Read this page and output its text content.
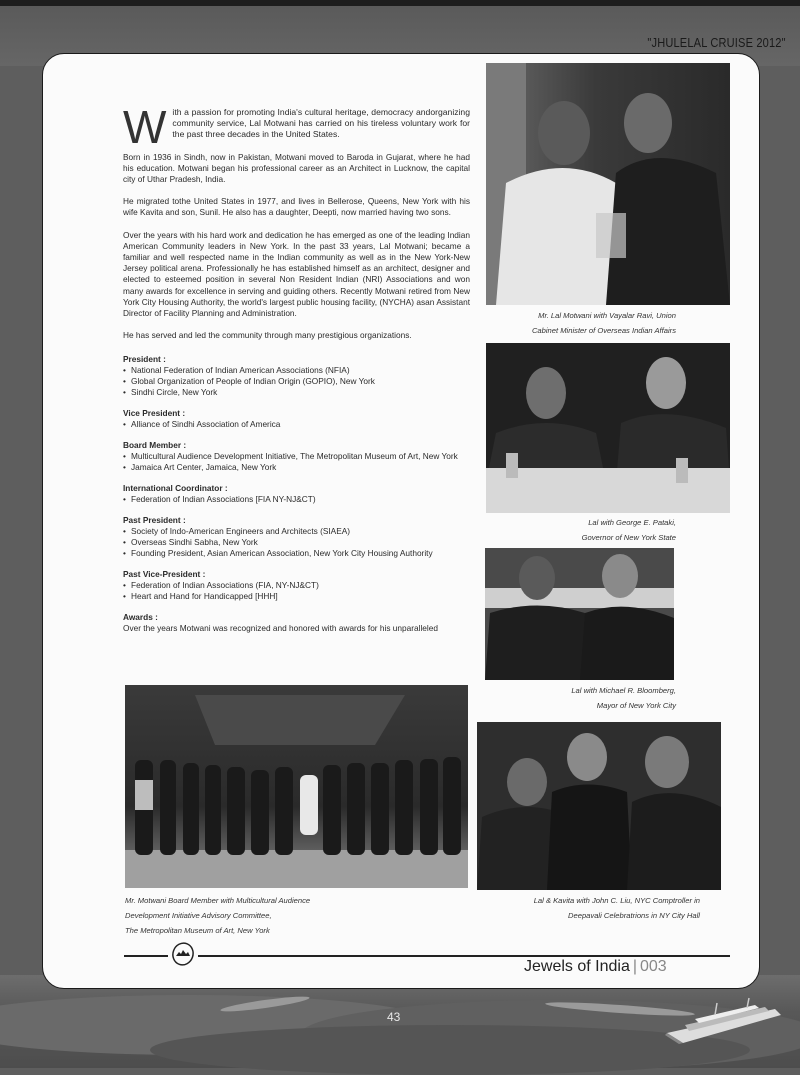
"JHULELAL CRUISE 2012"
43

With a passion for promoting India's cultural heritage, democracy andorganizing community service, Lal Motwani has carried on his tireless voluntary work for the past three decades in the United States.

Born in 1936 in Sindh, now in Pakistan, Motwani moved to Baroda in Gujarat, where he had his education. Motwani began his professional career as an Architect in Lucknow, the capital city of Uthar Pradesh, India.

He migrated tothe United States in 1977, and lives in Bellerose, Queens, New York with his wife Kavita and son, Sunil. He also has a daughter, Deepti, now married having two sons.

Over the years with his hard work and dedication he has emerged as one of the leading Indian American Community leaders in New York. In the past 33 years, Lal Motwani; became a familiar and well respected name in the Indian community as well as in the New York-New Jersey political arena. Professionally he has established himself as an architect, designer and elected to esteemed position in several Non Resident Indian (NRI) Associations and won many awards for excellence in serving and guiding others. Recently Motwani retired from New York City Housing Authority, the world's largest public housing facility, (NYCHA) asan Assistant Director of Facility Planning and Administration.

He has served and led the community through many prestigious organizations.

President :
• National Federation of Indian American Associations (NFIA)
• Global Organization of People of Indian Origin (GOPIO), New York
• Sindhi Circle, New York
Vice President :
• Alliance of Sindhi Association of America
Board Member :
• Multicultural Audience Development Initiative, The Metropolitan Museum of Art, New York
• Jamaica Art Center, Jamaica, New York
International Coordinator :
• Federation of Indian Associations [FIA NY-NJ&CT)
Past President :
• Society of Indo-American Engineers and Architects (SIAEA)
• Overseas Sindhi Sabha, New York
• Founding President, Asian American Association, New York City Housing Authority
Past Vice-President :
• Federation of Indian Associations (FIA, NY-NJ&CT)
• Heart and Hand for Handicapped [HHH]
Awards :

Over the years Motwani was recognized and honored with awards for his unparalleled

Mr. Lal Motwani with Vayalar Ravi, Union
Cabinet Minister of Overseas Indian Affairs
Lal with George E. Pataki,
Governor of New York State
Lal with Michael R. Bloomberg,
Mayor of New York City
Lal & Kavita with John C. Liu, NYC Comptroller in
Deepavali Celebratrions in NY City Hall
Mr. Motwani Board Member with Multicultural Audience
Development Initiative Advisory Committee,
The Metropolitan Museum of Art, New York
Jewels of India | 003
